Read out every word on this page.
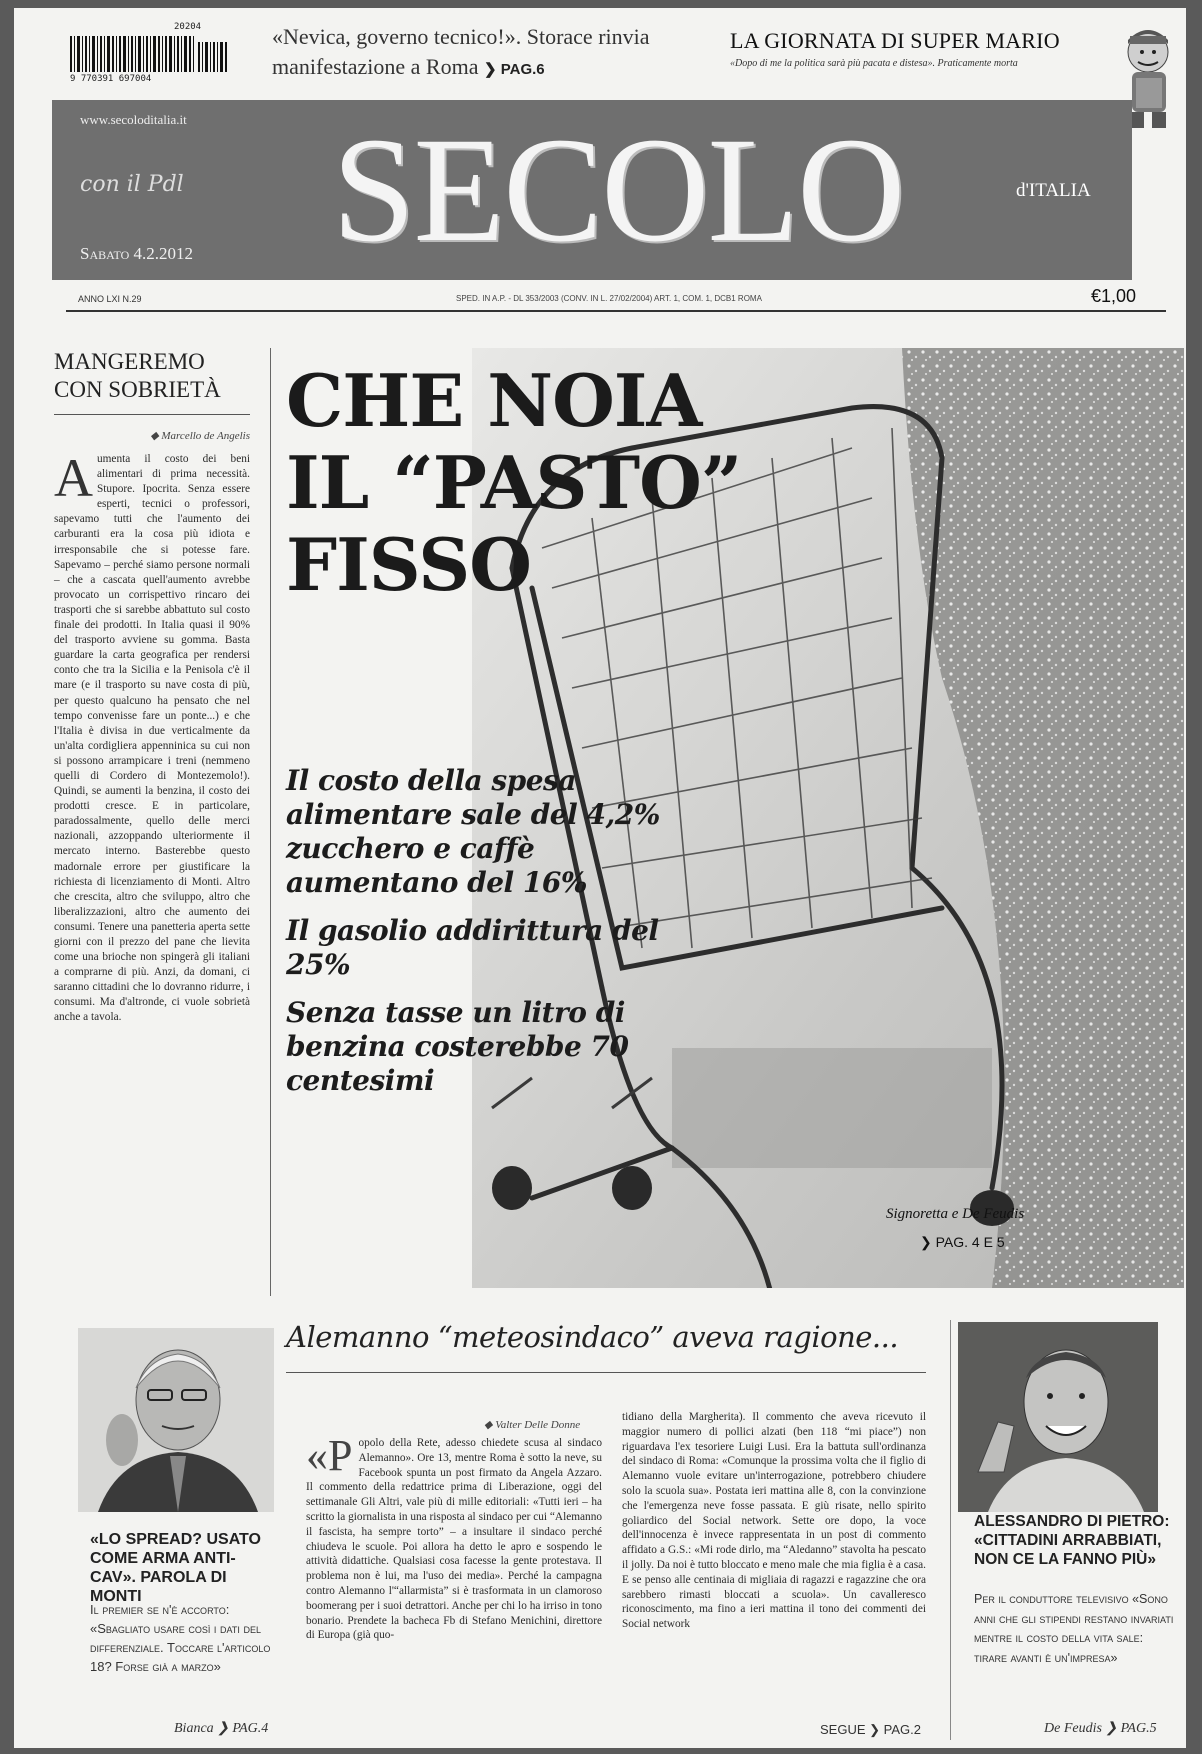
20204
9 770391 697004
«Nevica, governo tecnico!». Storace rinvia manifestazione a Roma ❯ PAG.6
LA GIORNATA DI SUPER MARIO

«Dopo di me la politica sarà più pacata e distesa». Praticamente morta

www.secoloditalia.it
con il Pdl
Sabato 4.2.2012 SECOLO	d'ITALIA
ANNO LXI N.29	SPED. IN A.P. - DL 353/2003 (CONV. IN L. 27/02/2004) ART. 1, COM. 1, DCB1 ROMA	€1,00
MANGEREMO CON SOBRIETÀ
◆ Marcello de Angelis
A umenta il costo dei beni alimentari di prima necessità. Stupore. Ipocrita. Senza essere esperti, tecnici o professori, sapevamo tutti che l'aumento dei carburanti era la cosa più idiota e irresponsabile che si potesse fare. Sapevamo – perché siamo persone normali – che a cascata quell'aumento avrebbe provocato un corrispettivo rincaro dei trasporti che si sarebbe abbattuto sul costo finale dei prodotti. In Italia quasi il 90% del trasporto avviene su gomma. Basta guardare la carta geografica per rendersi conto che tra la Sicilia e la Penisola c'è il mare (e il trasporto su nave costa di più, per questo qualcuno ha pensato che nel tempo convenisse fare un ponte...) e che l'Italia è divisa in due verticalmente da un'alta cordigliera appenninica su cui non si possono arrampicare i treni (nemmeno quelli di Cordero di Montezemolo!). Quindi, se aumenti la benzina, il costo dei prodotti cresce. E in particolare, paradossalmente, quello delle merci nazionali, azzoppando ulteriormente il mercato interno. Basterebbe questo madornale errore per giustificare la richiesta di licenziamento di Monti. Altro che crescita, altro che sviluppo, altro che liberalizzazioni, altro che aumento dei consumi. Tenere una panetteria aperta sette giorni con il prezzo del pane che lievita come una brioche non spingerà gli italiani a comprarne di più. Anzi, da domani, ci saranno cittadini che lo dovranno ridurre, i consumi. Ma d'altronde, ci vuole sobrietà anche a tavola.
CHE NOIA
IL “PASTO”
FISSO

Il costo della spesa alimentare sale del 4,2% zucchero e caffè aumentano del 16%

Il gasolio addirittura del 25%

Senza tasse un litro di benzina costerebbe 70 centesimi

Signoretta e De Feudis
❯ PAG. 4 E 5
«LO SPREAD? USATO COME ARMA ANTI-CAV». PAROLA DI MONTI
Il premier se n'è accorto: «Sbagliato usare così i dati del differenziale. Toccare l'articolo 18? Forse già a marzo»
Bianca ❯ PAG.4
Alemanno “meteosindaco” aveva ragione...
◆ Valter Delle Donne
«P opolo della Rete, adesso chiedete scusa al sindaco Alemanno». Ore 13, mentre Roma è sotto la neve, su Facebook spunta un post firmato da Angela Azzaro. Il commento della redattrice prima di Liberazione, oggi del settimanale Gli Altri, vale più di mille editoriali: «Tutti ieri – ha scritto la giornalista in una risposta al sindaco per cui “Alemanno il fascista, ha sempre torto” – a insultare il sindaco perché chiudeva le scuole. Poi allora ha detto le apro e sospendo le attività didattiche. Qualsiasi cosa facesse la gente protestava. Il problema non è lui, ma l'uso dei media». Perché la campagna contro Alemanno l'“allarmista” si è trasformata in un clamoroso boomerang per i suoi detrattori. Anche per chi lo ha irriso in tono bonario. Prendete la bacheca Fb di Stefano Menichini, direttore di Europa (già quo-
tidiano della Margherita). Il commento che aveva ricevuto il maggior numero di pollici alzati (ben 118 “mi piace”) non riguardava l'ex tesoriere Luigi Lusi. Era la battuta sull'ordinanza del sindaco di Roma: «Comunque la prossima volta che il figlio di Alemanno vuole evitare un'interrogazione, potrebbero chiudere solo la scuola sua». Postata ieri mattina alle 8, con la convinzione che l'emergenza neve fosse passata. E giù risate, nello spirito goliardico del Social network. Sette ore dopo, la voce dell'innocenza è invece rappresentata in un post di commento affidato a G.S.: «Mi rode dirlo, ma “Aledanno” stavolta ha pescato il jolly. Da noi è tutto bloccato e meno male che mia figlia è a casa. E se penso alle centinaia di migliaia di ragazzi e ragazzine che ora sarebbero rimasti bloccati a scuola». Un cavalleresco riconoscimento, ma fino a ieri mattina il tono dei commenti dei Social network
SEGUE ❯ PAG.2
ALESSANDRO DI PIETRO: «CITTADINI ARRABBIATI, NON CE LA FANNO PIÙ»
Per il conduttore televisivo «Sono anni che gli stipendi restano invariati mentre il costo della vita sale: tirare avanti è un'impresa»
De Feudis ❯ PAG.5
